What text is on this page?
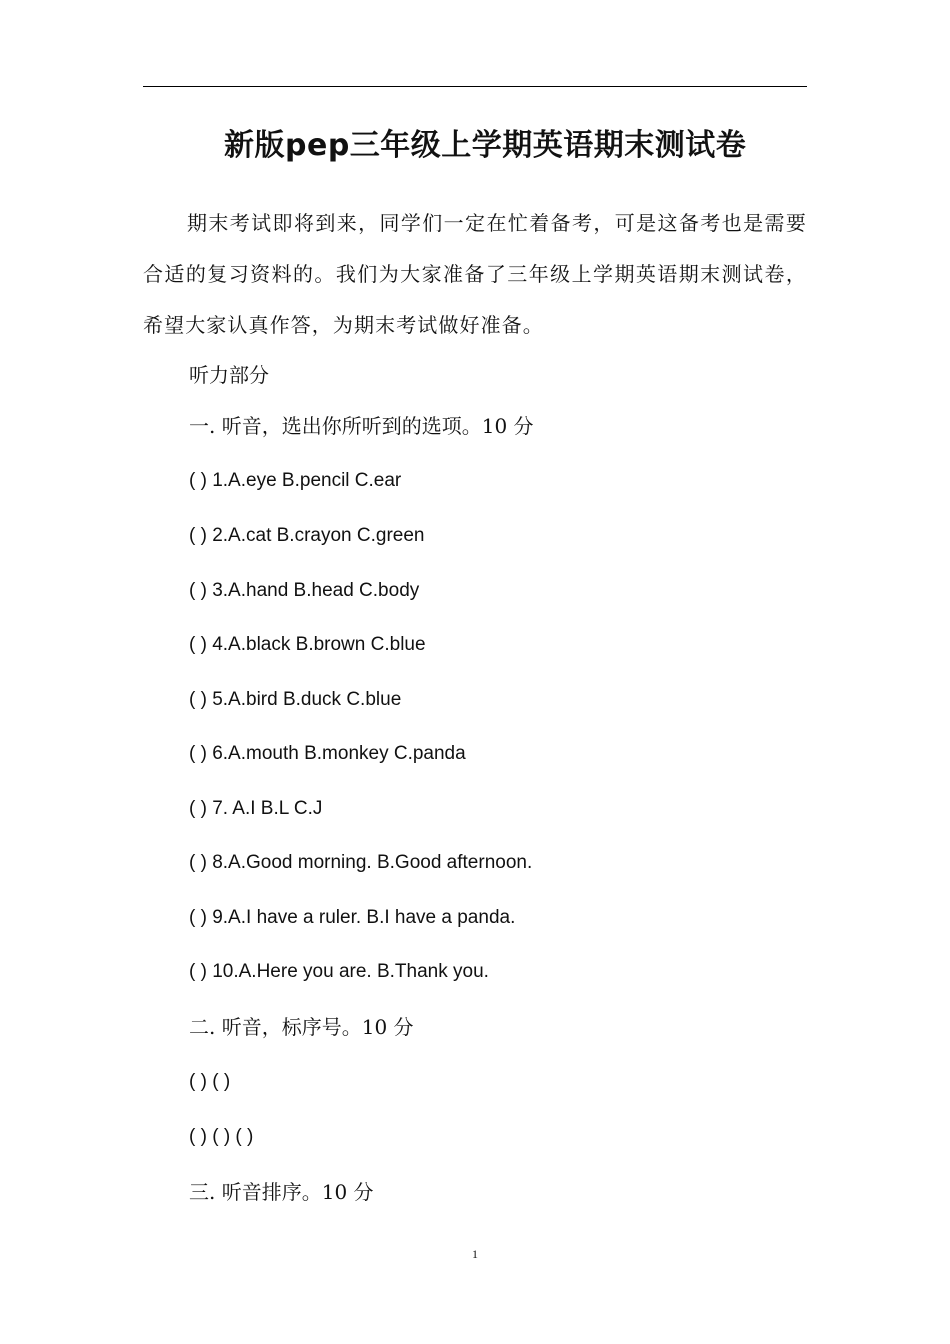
新版pep三年级上学期英语期末测试卷
期末考试即将到来，同学们一定在忙着备考，可是这备考也是需要合适的复习资料的。我们为大家准备了三年级上学期英语期末测试卷，希望大家认真作答，为期末考试做好准备。
听力部分
一. 听音，选出你所听到的选项。10 分
( ) 1.A.eye B.pencil C.ear
( ) 2.A.cat B.crayon C.green
( ) 3.A.hand B.head C.body
( ) 4.A.black B.brown C.blue
( ) 5.A.bird B.duck C.blue
( ) 6.A.mouth B.monkey C.panda
( ) 7. A.I B.L C.J
( ) 8.A.Good morning. B.Good afternoon.
( ) 9.A.I have a ruler. B.I have a panda.
( ) 10.A.Here you are. B.Thank you.
二. 听音，标序号。10 分
( ) ( )
( ) ( ) ( )
三. 听音排序。10 分
1
